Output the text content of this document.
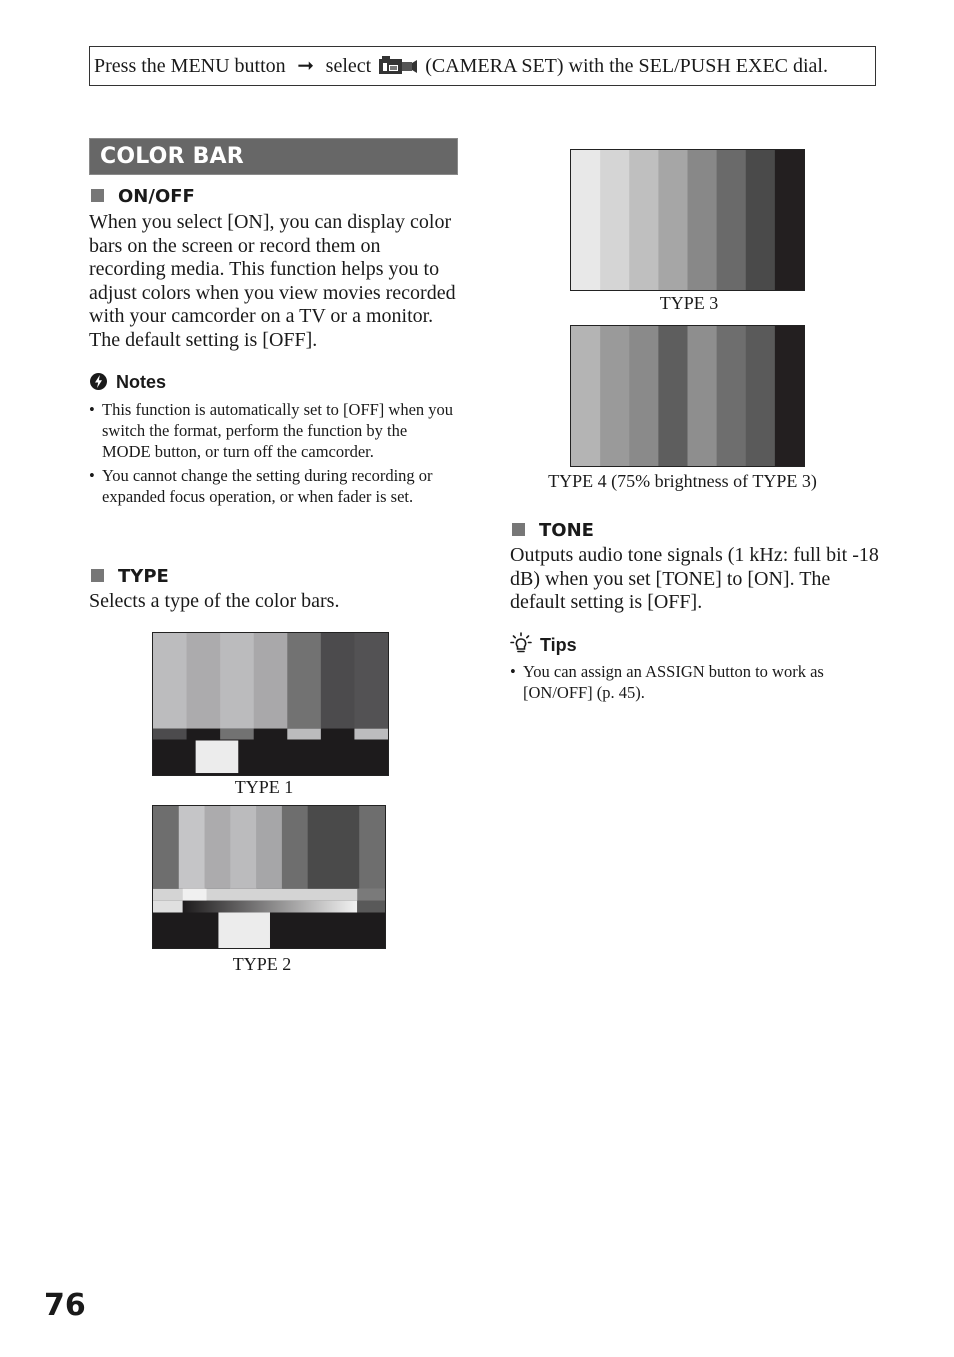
Press the MENU button ➞ select	(CAMERA SET) with the SEL/PUSH EXEC dial.
COLOR BAR
ON/OFF
When you select [ON], you can display color bars on the screen or record them on recording media. This function helps you to adjust colors when you view movies recorded with your camcorder on a TV or a monitor. The default setting is [OFF].
Notes
• This function is automatically set to [OFF] when you switch the format, perform the function by the MODE button, or turn off the camcorder.
• You cannot change the setting during recording or expanded focus operation, or when fader is set.
TYPE
Selects a type of the color bars.
TYPE 1
TYPE 2
TYPE 3
TYPE 4 (75% brightness of TYPE 3)
TONE
Outputs audio tone signals (1 kHz: full bit -18 dB) when you set [TONE] to [ON]. The default setting is [OFF].
Tips
• You can assign an ASSIGN button to work as [ON/OFF] (p. 45).
76
